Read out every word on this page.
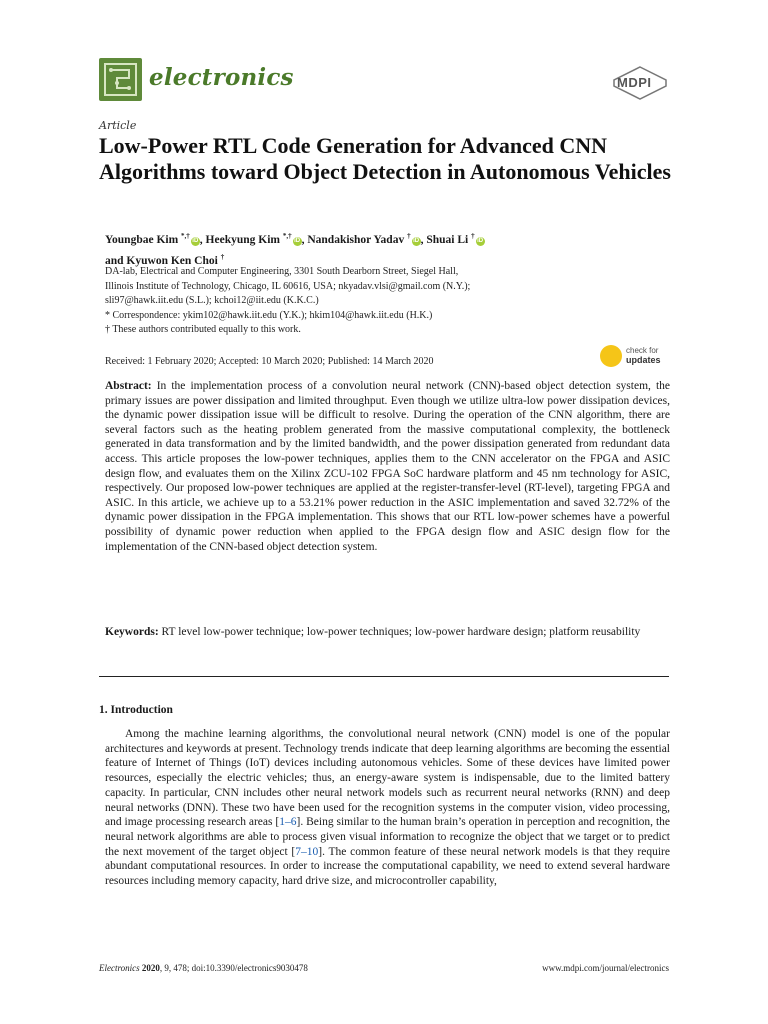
electronics	MDPI
Article
Low-Power RTL Code Generation for Advanced CNN Algorithms toward Object Detection in Autonomous Vehicles
Youngbae Kim *,†iD , Heekyung Kim *,†iD , Nandakishor Yadav †iD , Shuai Li †iD
and Kyuwon Ken Choi †
DA-lab, Electrical and Computer Engineering, 3301 South Dearborn Street, Siegel Hall,
Illinois Institute of Technology, Chicago, IL 60616, USA; nkyadav.vlsi@gmail.com (N.Y.);
sli97@hawk.iit.edu (S.L.); kchoi12@iit.edu (K.K.C.)
* Correspondence: ykim102@hawk.iit.edu (Y.K.); hkim104@hawk.iit.edu (H.K.)
† These authors contributed equally to this work.
Received: 1 February 2020; Accepted: 10 March 2020; Published: 14 March 2020
check for
updates
Abstract: In the implementation process of a convolution neural network (CNN)-based object detection system, the primary issues are power dissipation and limited throughput. Even though we utilize ultra-low power dissipation devices, the dynamic power dissipation issue will be difficult to resolve. During the operation of the CNN algorithm, there are several factors such as the heating problem generated from the massive computational complexity, the bottleneck generated in data transformation and by the limited bandwidth, and the power dissipation generated from redundant data access. This article proposes the low-power techniques, applies them to the CNN accelerator on the FPGA and ASIC design flow, and evaluates them on the Xilinx ZCU-102 FPGA SoC hardware platform and 45 nm technology for ASIC, respectively. Our proposed low-power techniques are applied at the register-transfer-level (RT-level), targeting FPGA and ASIC. In this article, we achieve up to a 53.21% power reduction in the ASIC implementation and saved 32.72% of the dynamic power dissipation in the FPGA implementation. This shows that our RTL low-power schemes have a powerful possibility of dynamic power reduction when applied to the FPGA design flow and ASIC design flow for the implementation of the CNN-based object detection system.
Keywords: RT level low-power technique; low-power techniques; low-power hardware design; platform reusability
1. Introduction
Among the machine learning algorithms, the convolutional neural network (CNN) model is one of the popular architectures and keywords at present. Technology trends indicate that deep learning algorithms are becoming the essential feature of Internet of Things (IoT) devices including autonomous vehicles. Some of these devices have limited power resources, especially the electric vehicles; thus, an energy-aware system is indispensable, due to the limited battery capacity. In particular, CNN includes other neural network models such as recurrent neural networks (RNN) and deep neural networks (DNN). These two have been used for the recognition systems in the computer vision, video processing, and image processing research areas [1–6]. Being similar to the human brain’s operation in perception and recognition, the neural network algorithms are able to process given visual information to recognize the object that we target or to predict the next movement of the target object [7–10]. The common feature of these neural network models is that they require abundant computational resources. In order to increase the computational capability, we need to extend several hardware resources including memory capacity, hard drive size, and microcontroller capability,
Electronics 2020, 9, 478; doi:10.3390/electronics9030478	www.mdpi.com/journal/electronics
